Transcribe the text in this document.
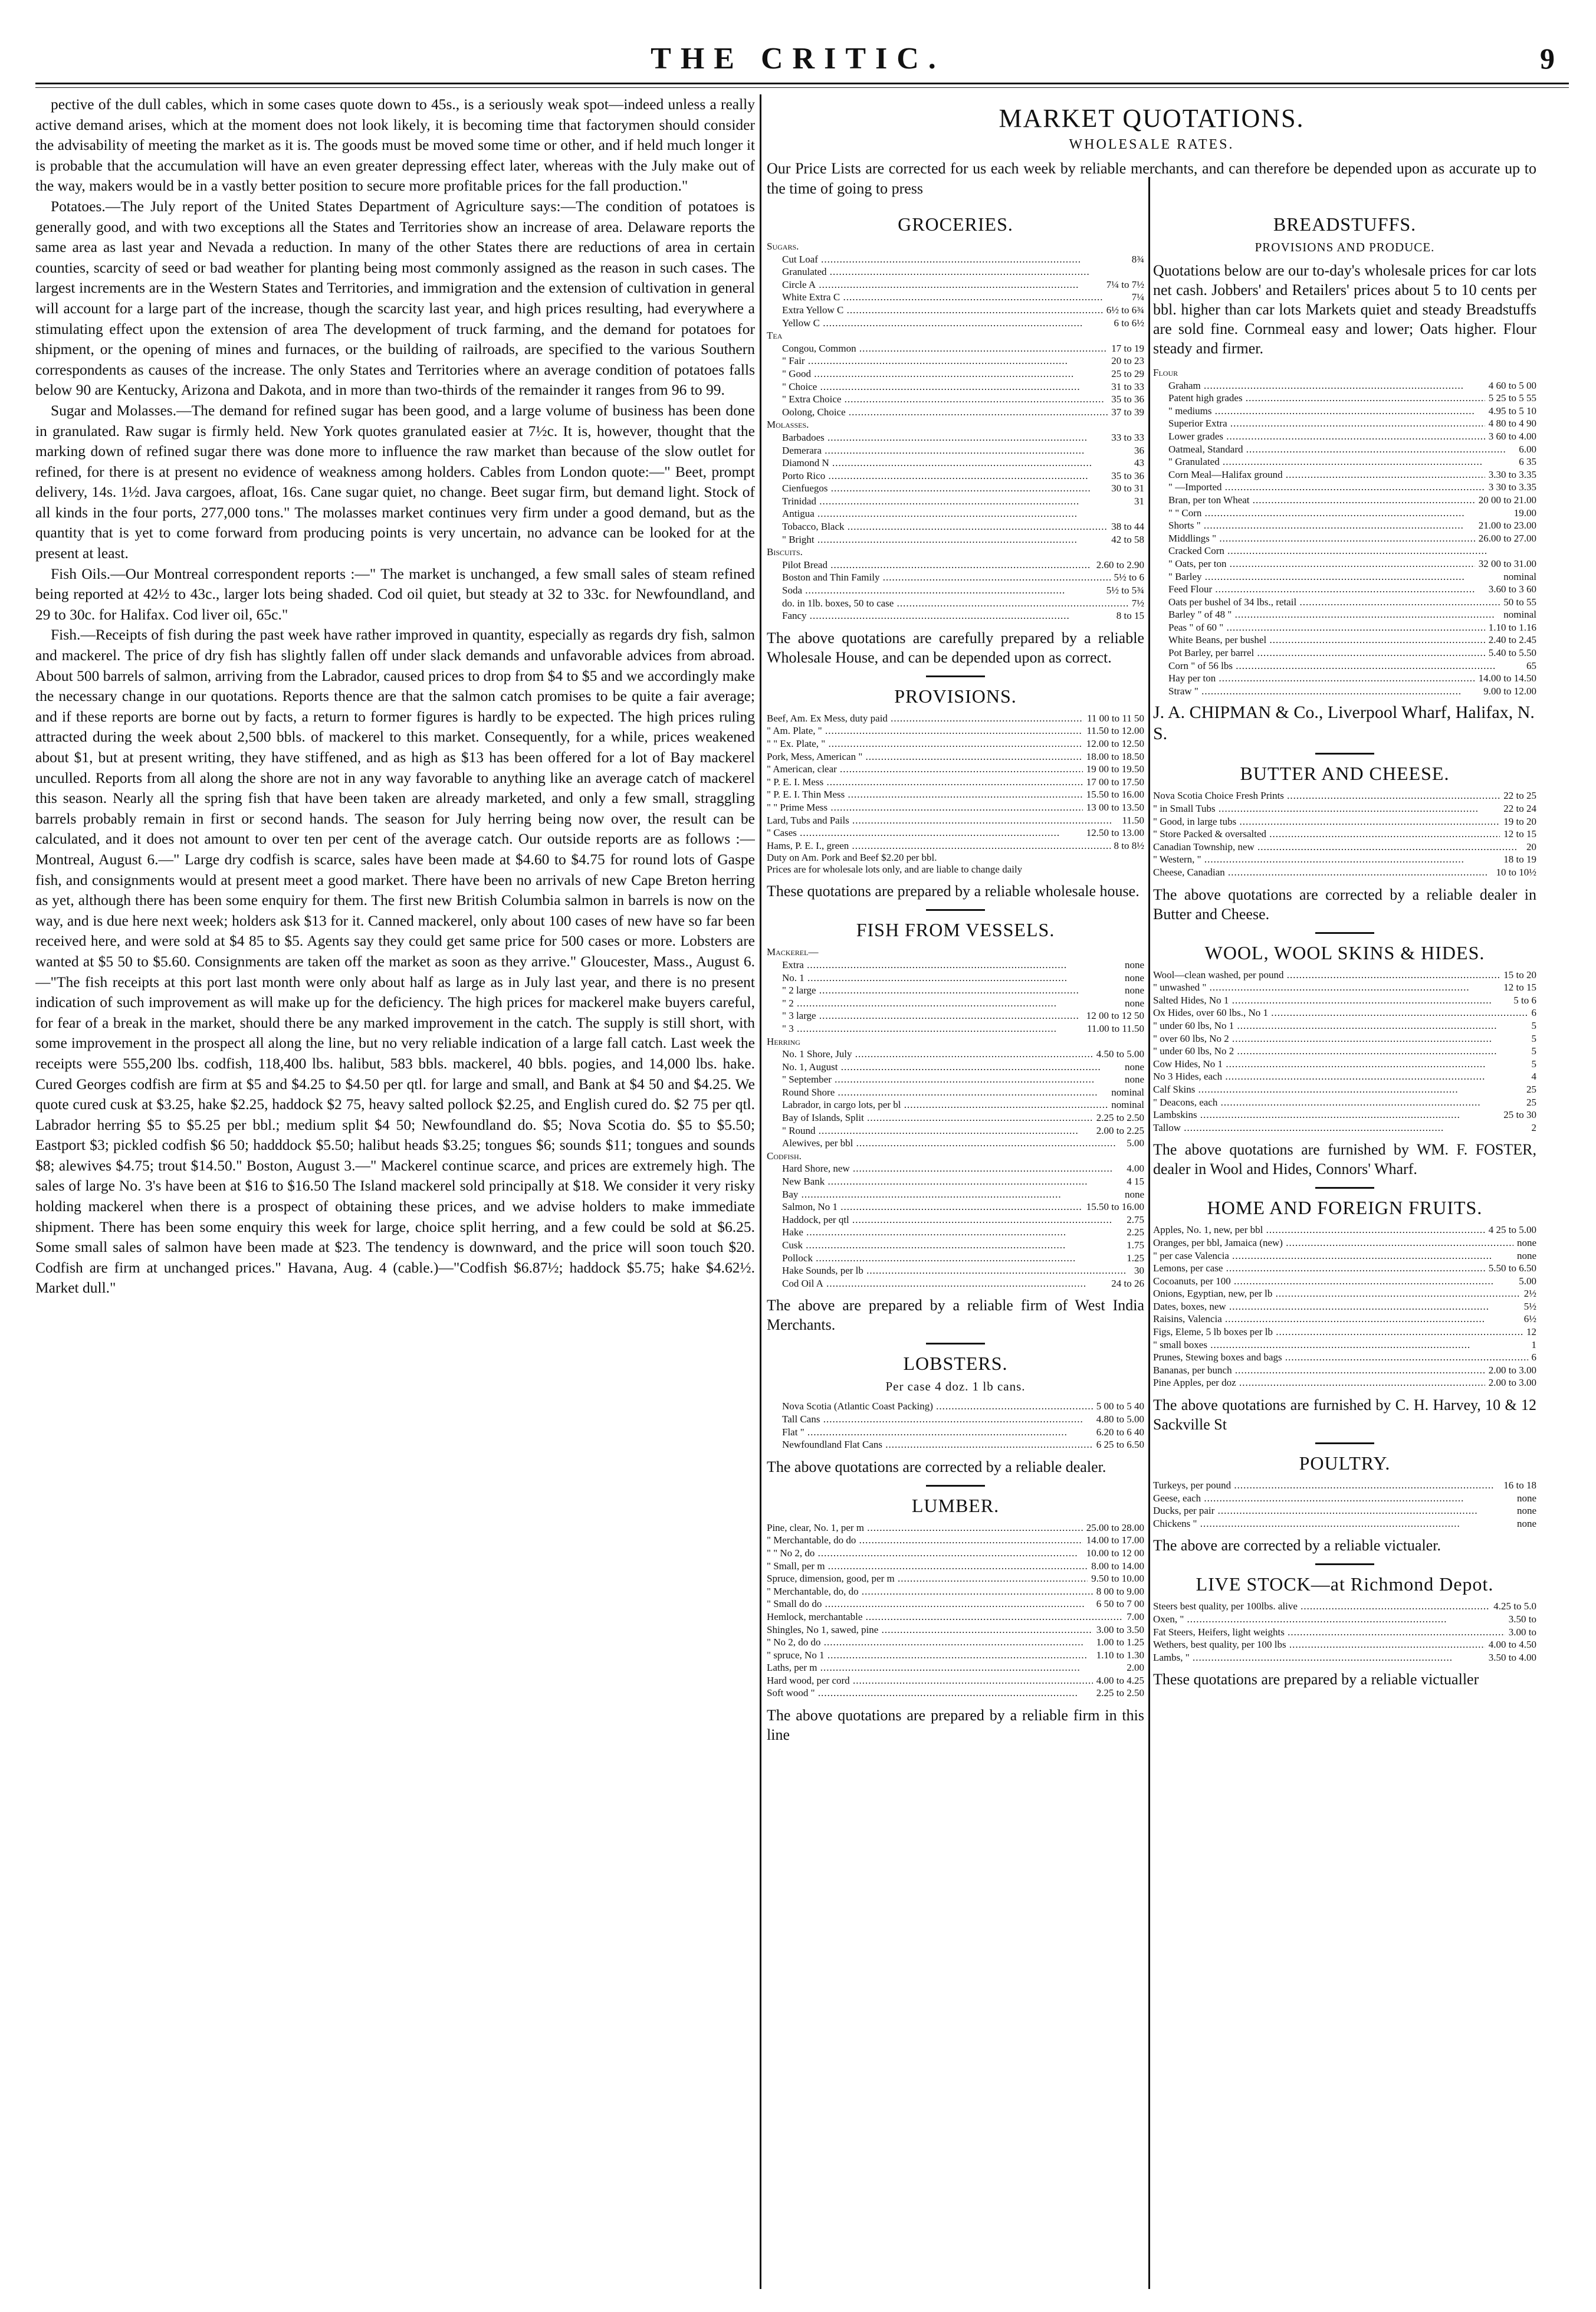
THE CRITIC.	9

pective of the dull cables, which in some cases quote down to 45s., is a seriously weak spot—indeed unless a really active demand arises, which at the moment does not look likely, it is becoming time that factorymen should consider the advisability of meeting the market as it is. The goods must be moved some time or other, and if held much longer it is probable that the accumulation will have an even greater depressing effect later, whereas with the July make out of the way, makers would be in a vastly better position to secure more profitable prices for the fall production."

Potatoes.—The July report of the United States Department of Agriculture says:—The condition of potatoes is generally good, and with two exceptions all the States and Territories show an increase of area. Delaware reports the same area as last year and Nevada a reduction. In many of the other States there are reductions of area in certain counties, scarcity of seed or bad weather for planting being most commonly assigned as the reason in such cases. The largest increments are in the Western States and Territories, and immigration and the extension of cultivation in general will account for a large part of the increase, though the scarcity last year, and high prices resulting, had everywhere a stimulating effect upon the extension of area The development of truck farming, and the demand for potatoes for shipment, or the opening of mines and furnaces, or the building of railroads, are specified to the various Southern correspondents as causes of the increase. The only States and Territories where an average condition of potatoes falls below 90 are Kentucky, Arizona and Dakota, and in more than two-thirds of the remainder it ranges from 96 to 99.

Sugar and Molasses.—The demand for refined sugar has been good, and a large volume of business has been done in granulated. Raw sugar is firmly held. New York quotes granulated easier at 7½c. It is, however, thought that the marking down of refined sugar there was done more to influence the raw market than because of the slow outlet for refined, for there is at present no evidence of weakness among holders. Cables from London quote:—" Beet, prompt delivery, 14s. 1½d. Java cargoes, afloat, 16s. Cane sugar quiet, no change. Beet sugar firm, but demand light. Stock of all kinds in the four ports, 277,000 tons." The molasses market continues very firm under a good demand, but as the quantity that is yet to come forward from producing points is very uncertain, no advance can be looked for at the present at least.

Fish Oils.—Our Montreal correspondent reports :—" The market is unchanged, a few small sales of steam refined being reported at 42½ to 43c., larger lots being shaded. Cod oil quiet, but steady at 32 to 33c. for Newfoundland, and 29 to 30c. for Halifax. Cod liver oil, 65c."

Fish.—Receipts of fish during the past week have rather improved in quantity, especially as regards dry fish, salmon and mackerel. The price of dry fish has slightly fallen off under slack demands and unfavorable advices from abroad. About 500 barrels of salmon, arriving from the Labrador, caused prices to drop from $4 to $5 and we accordingly make the necessary change in our quotations. Reports thence are that the salmon catch promises to be quite a fair average; and if these reports are borne out by facts, a return to former figures is hardly to be expected. The high prices ruling attracted during the week about 2,500 bbls. of mackerel to this market. Consequently, for a while, prices weakened about $1, but at present writing, they have stiffened, and as high as $13 has been offered for a lot of Bay mackerel unculled. Reports from all along the shore are not in any way favorable to anything like an average catch of mackerel this season. Nearly all the spring fish that have been taken are already marketed, and only a few small, straggling barrels probably remain in first or second hands. The season for July herring being now over, the result can be calculated, and it does not amount to over ten per cent of the average catch. Our outside reports are as follows :—Montreal, August 6.—" Large dry codfish is scarce, sales have been made at $4.60 to $4.75 for round lots of Gaspe fish, and consignments would at present meet a good market. There have been no arrivals of new Cape Breton herring as yet, although there has been some enquiry for them. The first new British Columbia salmon in barrels is now on the way, and is due here next week; holders ask $13 for it. Canned mackerel, only about 100 cases of new have so far been received here, and were sold at $4 85 to $5. Agents say they could get same price for 500 cases or more. Lobsters are wanted at $5 50 to $5.60. Consignments are taken off the market as soon as they arrive." Gloucester, Mass., August 6.—"The fish receipts at this port last month were only about half as large as in July last year, and there is no present indication of such improvement as will make up for the deficiency. The high prices for mackerel make buyers careful, for fear of a break in the market, should there be any marked improvement in the catch. The supply is still short, with some improvement in the prospect all along the line, but no very reliable indication of a large fall catch. Last week the receipts were 555,200 lbs. codfish, 118,400 lbs. halibut, 583 bbls. mackerel, 40 bbls. pogies, and 14,000 lbs. hake. Cured Georges codfish are firm at $5 and $4.25 to $4.50 per qtl. for large and small, and Bank at $4 50 and $4.25. We quote cured cusk at $3.25, hake $2.25, haddock $2 75, heavy salted pollock $2.25, and English cured do. $2 75 per qtl. Labrador herring $5 to $5.25 per bbl.; medium split $4 50; Newfoundland do. $5; Nova Scotia do. $5 to $5.50; Eastport $3; pickled codfish $6 50; hadddock $5.50; halibut heads $3.25; tongues $6; sounds $11; tongues and sounds $8; alewives $4.75; trout $14.50." Boston, August 3.—" Mackerel continue scarce, and prices are extremely high. The sales of large No. 3's have been at $16 to $16.50 The Island mackerel sold principally at $18. We consider it very risky holding mackerel when there is a prospect of obtaining these prices, and we advise holders to make immediate shipment. There has been some enquiry this week for large, choice split herring, and a few could be sold at $6.25. Some small sales of salmon have been made at $23. The tendency is downward, and the price will soon touch $20. Codfish are firm at unchanged prices." Havana, Aug. 4 (cable.)—"Codfish $6.87½; haddock $5.75; hake $4.62½. Market dull."

GROCERIES.
Sugars.
Cut Loaf .....	8¾
Granulated .....
Circle A .....	7¼ to 7½
White Extra C .....	7¼
Extra Yellow C .....	6½ to 6¾
Yellow C .....	6 to 6½
Tea
Congou, Common .....	17 to 19
" Fair .....	20 to 23
" Good .....	25 to 29
" Choice .....	31 to 33
" Extra Choice .....	35 to 36
Oolong, Choice .....	37 to 39
Molasses.
Barbadoes .....	33 to 33
Demerara .....	36
Diamond N .....	43
Porto Rico .....	35 to 36
Cienfuegos .....	30 to 31
Trinidad .....	31
Antigua .....
Tobacco, Black .....	38 to 44
" Bright .....	42 to 58
Biscuits.
Pilot Bread .....	2.60 to 2.90
Boston and Thin Family .....	5½ to 6
Soda .....	5½ to 5¾
do. in 1lb. boxes, 50 to case .....	7½
Fancy .....	8 to 15
The above quotations are carefully prepared by a reliable Wholesale House, and can be depended upon as correct.
PROVISIONS.
Beef, Am. Ex Mess, duty paid .....	11 00 to 11 50
" Am. Plate, " .....	11.50 to 12.00
" " Ex. Plate, " .....	12.00 to 12.50
Pork, Mess, American " .....	18.00 to 18.50
" American, clear .....	19 00 to 19.50
" P. E. I. Mess .....	17 00 to 17.50
" P. E. I. Thin Mess .....	15.50 to 16.00
" " Prime Mess .....	13 00 to 13.50
Lard, Tubs and Pails .....	11.50
" Cases .....	12.50 to 13.00
Hams, P. E. I., green .....	8 to 8½
Duty on Am. Pork and Beef $2.20 per bbl.
Prices are for wholesale lots only, and are liable to change daily
These quotations are prepared by a reliable wholesale house.
FISH FROM VESSELS.
Mackerel—
Extra .....	none
No. 1 .....	none
" 2 large .....	none
" 2 .....	none
" 3 large .....	12 00 to 12 50
" 3 .....	11.00 to 11.50
Herring
No. 1 Shore, July .....	4.50 to 5.00
No. 1, August .....	none
" September .....	none
Round Shore .....	nominal
Labrador, in cargo lots, per bl .....	nominal
Bay of Islands, Split .....	2.25 to 2.50
" Round .....	2.00 to 2.25
Alewives, per bbl .....	5.00
Codfish.
Hard Shore, new .....	4.00
New Bank .....	4 15
Bay .....	none
Salmon, No 1 .....	15.50 to 16.00
Haddock, per qtl .....	2.75
Hake .....	2.25
Cusk .....	1.75
Pollock .....	1.25
Hake Sounds, per lb .....	30
Cod Oil A .....	24 to 26
The above are prepared by a reliable firm of West India Merchants.
LOBSTERS.
Per case 4 doz. 1 lb cans.
Nova Scotia (Atlantic Coast Packing) .....	5 00 to 5 40
Tall Cans .....	4.80 to 5.00
Flat " .....	6.20 to 6 40
Newfoundland Flat Cans .....	6 25 to 6.50
The above quotations are corrected by a reliable dealer.
LUMBER.
Pine, clear, No. 1, per m .....	25.00 to 28.00
" Merchantable, do do .....	14.00 to 17.00
" " No 2, do .....	10.00 to 12 00
" Small, per m .....	8.00 to 14.00
Spruce, dimension, good, per m .....	9.50 to 10.00
" Merchantable, do, do .....	8 00 to 9.00
" Small do do .....	6 50 to 7 00
Hemlock, merchantable .....	7.00
Shingles, No 1, sawed, pine .....	3.00 to 3.50
" No 2, do do .....	1.00 to 1.25
" spruce, No 1 .....	1.10 to 1.30
Laths, per m .....	2.00
Hard wood, per cord .....	4.00 to 4.25
Soft wood " .....	2.25 to 2.50
The above quotations are prepared by a reliable firm in this line
BREADSTUFFS.
PROVISIONS AND PRODUCE.
Quotations below are our to-day's wholesale prices for car lots net cash. Jobbers' and Retailers' prices about 5 to 10 cents per bbl. higher than car lots Markets quiet and steady Breadstuffs are sold fine. Cornmeal easy and lower; Oats higher. Flour steady and firmer.
Flour
Graham .....	4 60 to 5 00
Patent high grades .....	5 25 to 5 55
" mediums .....	4.95 to 5 10
Superior Extra .....	4 80 to 4 90
Lower grades .....	3 60 to 4.00
Oatmeal, Standard .....	6.00
" Granulated .....	6 35
Corn Meal—Halifax ground .....	3.30 to 3.35
" —Imported .....	3 30 to 3.35
Bran, per ton Wheat .....	20 00 to 21.00
" " Corn .....	19.00
Shorts " .....	21.00 to 23.00
Middlings " .....	26.00 to 27.00
Cracked Corn .....
" Oats, per ton .....	32 00 to 31.00
" Barley .....	nominal
Feed Flour .....	3.60 to 3 60
Oats per bushel of 34 lbs., retail .....	50 to 55
Barley " of 48 " .....	nominal
Peas " of 60 " .....	1.10 to 1.16
White Beans, per bushel .....	2.40 to 2.45
Pot Barley, per barrel .....	5.40 to 5.50
Corn " of 56 lbs .....	65
Hay per ton .....	14.00 to 14.50
Straw " .....	9.00 to 12.00
J. A. CHIPMAN & Co., Liverpool Wharf, Halifax, N. S.
BUTTER AND CHEESE.
Nova Scotia Choice Fresh Prints .....	22 to 25
" in Small Tubs .....	22 to 24
" Good, in large tubs .....	19 to 20
" Store Packed & oversalted .....	12 to 15
Canadian Township, new .....	20
" Western, " .....	18 to 19
Cheese, Canadian .....	10 to 10½
The above quotations are corrected by a reliable dealer in Butter and Cheese.
WOOL, WOOL SKINS & HIDES.
Wool—clean washed, per pound .....	15 to 20
" unwashed " .....	12 to 15
Salted Hides, No 1 .....	5 to 6
Ox Hides, over 60 lbs., No 1 .....	6
" under 60 lbs, No 1 .....	5
" over 60 lbs, No 2 .....	5
" under 60 lbs, No 2 .....	5
Cow Hides, No 1 .....	5
No 3 Hides, each .....	4
Calf Skins .....	25
" Deacons, each .....	25
Lambskins .....	25 to 30
Tallow .....	2
The above quotations are furnished by WM. F. FOSTER, dealer in Wool and Hides, Connors' Wharf.
HOME AND FOREIGN FRUITS.
Apples, No. 1, new, per bbl .....	4 25 to 5.00
Oranges, per bbl, Jamaica (new) .....	none
" per case Valencia .....	none
Lemons, per case .....	5.50 to 6.50
Cocoanuts, per 100 .....	5.00
Onions, Egyptian, new, per lb .....	2½
Dates, boxes, new .....	5½
Raisins, Valencia .....	6½
Figs, Eleme, 5 lb boxes per lb .....	12
" small boxes .....	1
Prunes, Stewing boxes and bags .....	6
Bananas, per bunch .....	2.00 to 3.00
Pine Apples, per doz .....	2.00 to 3.00
The above quotations are furnished by C. H. Harvey, 10 & 12 Sackville St
POULTRY.
Turkeys, per pound .....	16 to 18
Geese, each .....	none
Ducks, per pair .....	none
Chickens " .....	none
The above are corrected by a reliable victualer.
LIVE STOCK—at Richmond Depot.
Steers best quality, per 100lbs. alive .....	4.25 to 5.0
Oxen, " .....	3.50 to
Fat Steers, Heifers, light weights .....	3.00 to
Wethers, best quality, per 100 lbs .....	4.00 to 4.50
Lambs, " .....	3.50 to 4.00
These quotations are prepared by a reliable victualler
MARKET QUOTATIONS.
WHOLESALE RATES.
Our Price Lists are corrected for us each week by reliable merchants, and can therefore be depended upon as accurate up to the time of going to press
